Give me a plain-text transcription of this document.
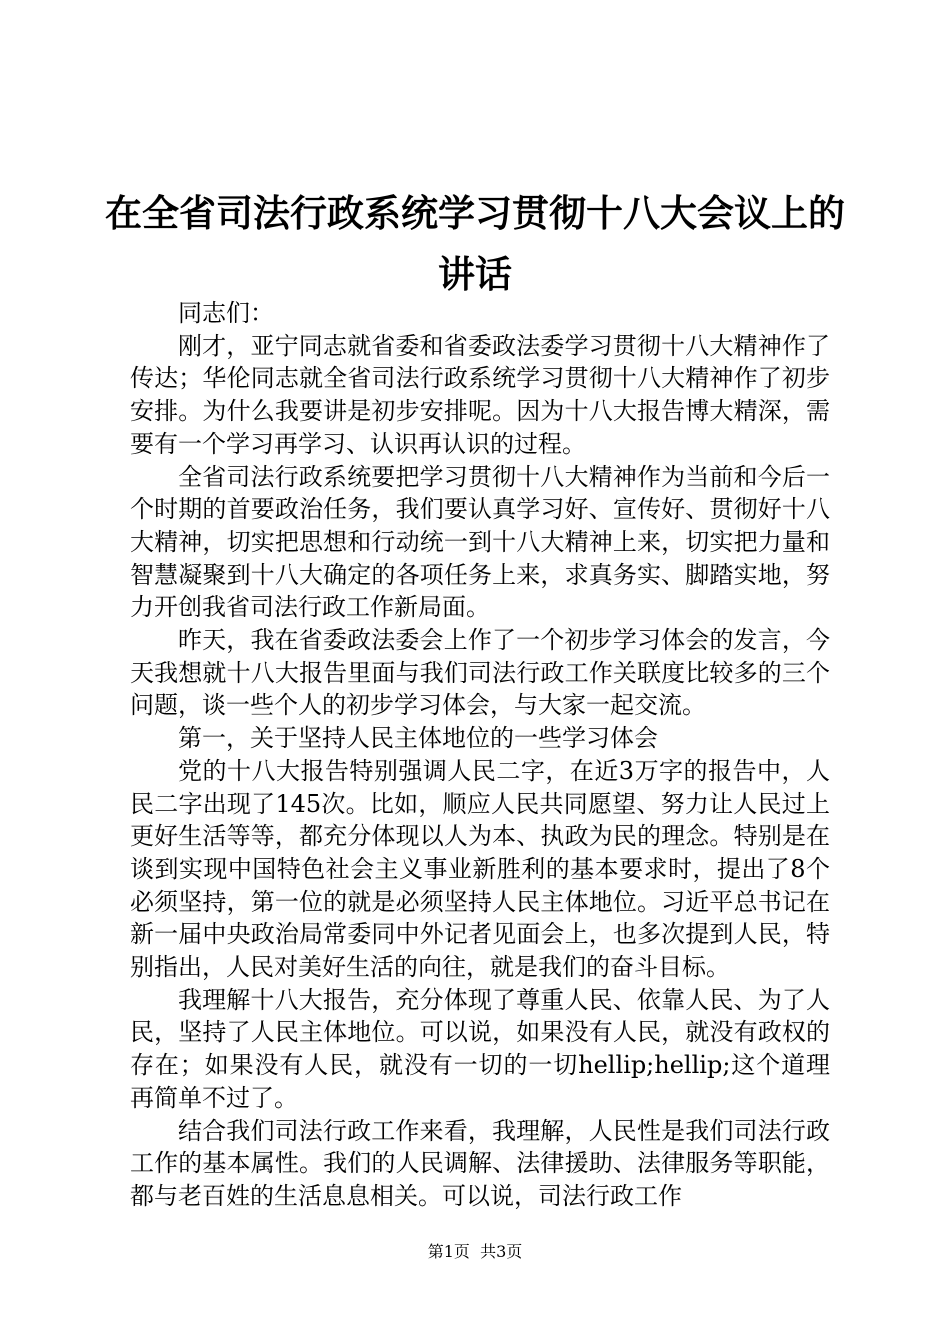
在全省司法行政系统学习贯彻十八大会议上的讲话

同志们：

刚才，亚宁同志就省委和省委政法委学习贯彻十八大精神作了传达；华伦同志就全省司法行政系统学习贯彻十八大精神作了初步安排。为什么我要讲是初步安排呢。因为十八大报告博大精深，需要有一个学习再学习、认识再认识的过程。

全省司法行政系统要把学习贯彻十八大精神作为当前和今后一个时期的首要政治任务，我们要认真学习好、宣传好、贯彻好十八大精神，切实把思想和行动统一到十八大精神上来，切实把力量和智慧凝聚到十八大确定的各项任务上来，求真务实、脚踏实地，努力开创我省司法行政工作新局面。

昨天，我在省委政法委会上作了一个初步学习体会的发言，今天我想就十八大报告里面与我们司法行政工作关联度比较多的三个问题，谈一些个人的初步学习体会，与大家一起交流。

第一，关于坚持人民主体地位的一些学习体会

党的十八大报告特别强调人民二字，在近3万字的报告中，人民二字出现了145次。比如，顺应人民共同愿望、努力让人民过上更好生活等等，都充分体现以人为本、执政为民的理念。特别是在谈到实现中国特色社会主义事业新胜利的基本要求时，提出了8个必须坚持，第一位的就是必须坚持人民主体地位。习近平总书记在新一届中央政治局常委同中外记者见面会上，也多次提到人民，特别指出，人民对美好生活的向往，就是我们的奋斗目标。

我理解十八大报告，充分体现了尊重人民、依靠人民、为了人民，坚持了人民主体地位。可以说，如果没有人民，就没有政权的存在；如果没有人民，就没有一切的一切hellip;hellip;这个道理再简单不过了。

结合我们司法行政工作来看，我理解，人民性是我们司法行政工作的基本属性。我们的人民调解、法律援助、法律服务等职能，都与老百姓的生活息息相关。可以说，司法行政工作

第1页 共3页
